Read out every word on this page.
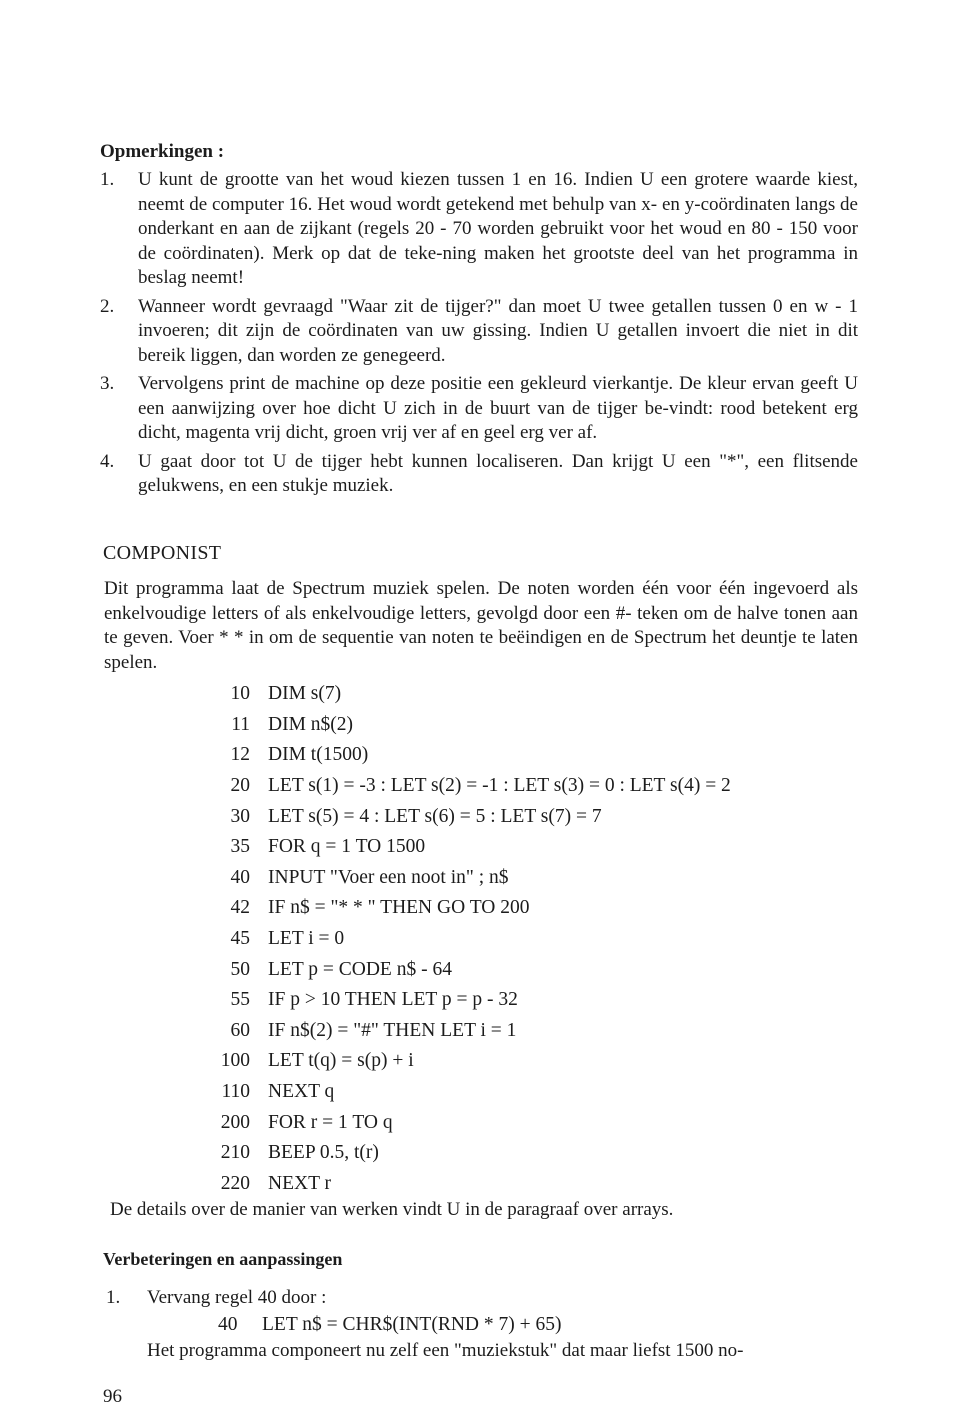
Opmerkingen :
1. U kunt de grootte van het woud kiezen tussen 1 en 16. Indien U een grotere waarde kiest, neemt de computer 16. Het woud wordt getekend met behulp van x- en y-coördinaten langs de onderkant en aan de zijkant (regels 20 - 70 worden gebruikt voor het woud en 80 - 150 voor de coördinaten). Merk op dat de teke-ning maken het grootste deel van het programma in beslag neemt!
2. Wanneer wordt gevraagd "Waar zit de tijger?" dan moet U twee getallen tussen 0 en w - 1 invoeren; dit zijn de coördinaten van uw gissing. Indien U getallen invoert die niet in dit bereik liggen, dan worden ze genegeerd.
3. Vervolgens print de machine op deze positie een gekleurd vierkantje. De kleur ervan geeft U een aanwijzing over hoe dicht U zich in de buurt van de tijger be-vindt: rood betekent erg dicht, magenta vrij dicht, groen vrij ver af en geel erg ver af.
4. U gaat door tot U de tijger hebt kunnen localiseren. Dan krijgt U een "*", een flitsende gelukwens, en een stukje muziek.
COMPONIST
Dit programma laat de Spectrum muziek spelen. De noten worden één voor één ingevoerd als enkelvoudige letters of als enkelvoudige letters, gevolgd door een #- teken om de halve tonen aan te geven. Voer * * in om de sequentie van noten te beëindigen en de Spectrum het deuntje te laten spelen.
10 DIM s(7)
11 DIM n$(2)
12 DIM t(1500)
20 LET s(1) = -3 : LET s(2) = -1 : LET s(3) = 0 : LET s(4) = 2
30 LET s(5) = 4 : LET s(6) = 5 : LET s(7) = 7
35 FOR q = 1 TO 1500
40 INPUT "Voer een noot in" ; n$
42 IF n$ = "* * " THEN GO TO 200
45 LET i = 0
50 LET p = CODE n$ - 64
55 IF p > 10 THEN LET p = p - 32
60 IF n$(2) = "#" THEN LET i = 1
100 LET t(q) = s(p) + i
110 NEXT q
200 FOR r = 1 TO q
210 BEEP 0.5, t(r)
220 NEXT r
De details over de manier van werken vindt U in de paragraaf over arrays.
Verbeteringen en aanpassingen
1. Vervang regel 40 door :
40 LET n$ = CHR$(INT(RND * 7) + 65)
Het programma componeert nu zelf een "muziekstuk" dat maar liefst 1500 no-
96
